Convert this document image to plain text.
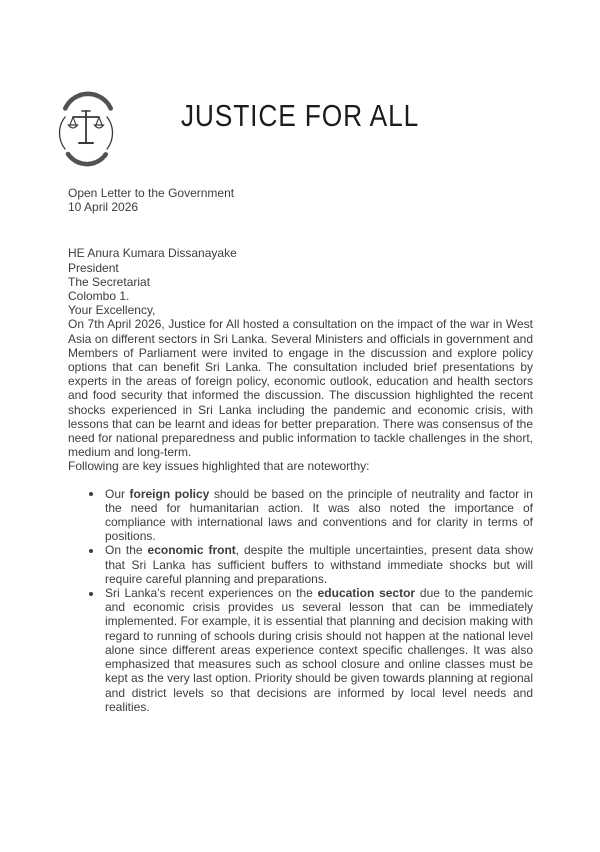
JUSTICE FOR ALL

Open Letter to the Government

10 April 2026

HE Anura Kumara Dissanayake

President

The Secretariat

Colombo 1.

Your Excellency,

On 7th April 2026, Justice for All hosted a consultation on the impact of the war in West Asia on different sectors in Sri Lanka. Several Ministers and officials in government and Members of Parliament were invited to engage in the discussion and explore policy options that can benefit Sri Lanka. The consultation included brief presentations by experts in the areas of foreign policy, economic outlook, education and health sectors and food security that informed the discussion. The discussion highlighted the recent shocks experienced in Sri Lanka including the pandemic and economic crisis, with lessons that can be learnt and ideas for better preparation. There was consensus of the need for national preparedness and public information to tackle challenges in the short, medium and long-term.

Following are key issues highlighted that are noteworthy:

Our foreign policy should be based on the principle of neutrality and factor in the need for humanitarian action. It was also noted the importance of compliance with international laws and conventions and for clarity in terms of positions.
On the economic front, despite the multiple uncertainties, present data show that Sri Lanka has sufficient buffers to withstand immediate shocks but will require careful planning and preparations.
Sri Lanka’s recent experiences on the education sector due to the pandemic and economic crisis provides us several lesson that can be immediately implemented. For example, it is essential that planning and decision making with regard to running of schools during crisis should not happen at the national level alone since different areas experience context specific challenges. It was also emphasized that measures such as school closure and online classes must be kept as the very last option. Priority should be given towards planning at regional and district levels so that decisions are informed by local level needs and realities.
